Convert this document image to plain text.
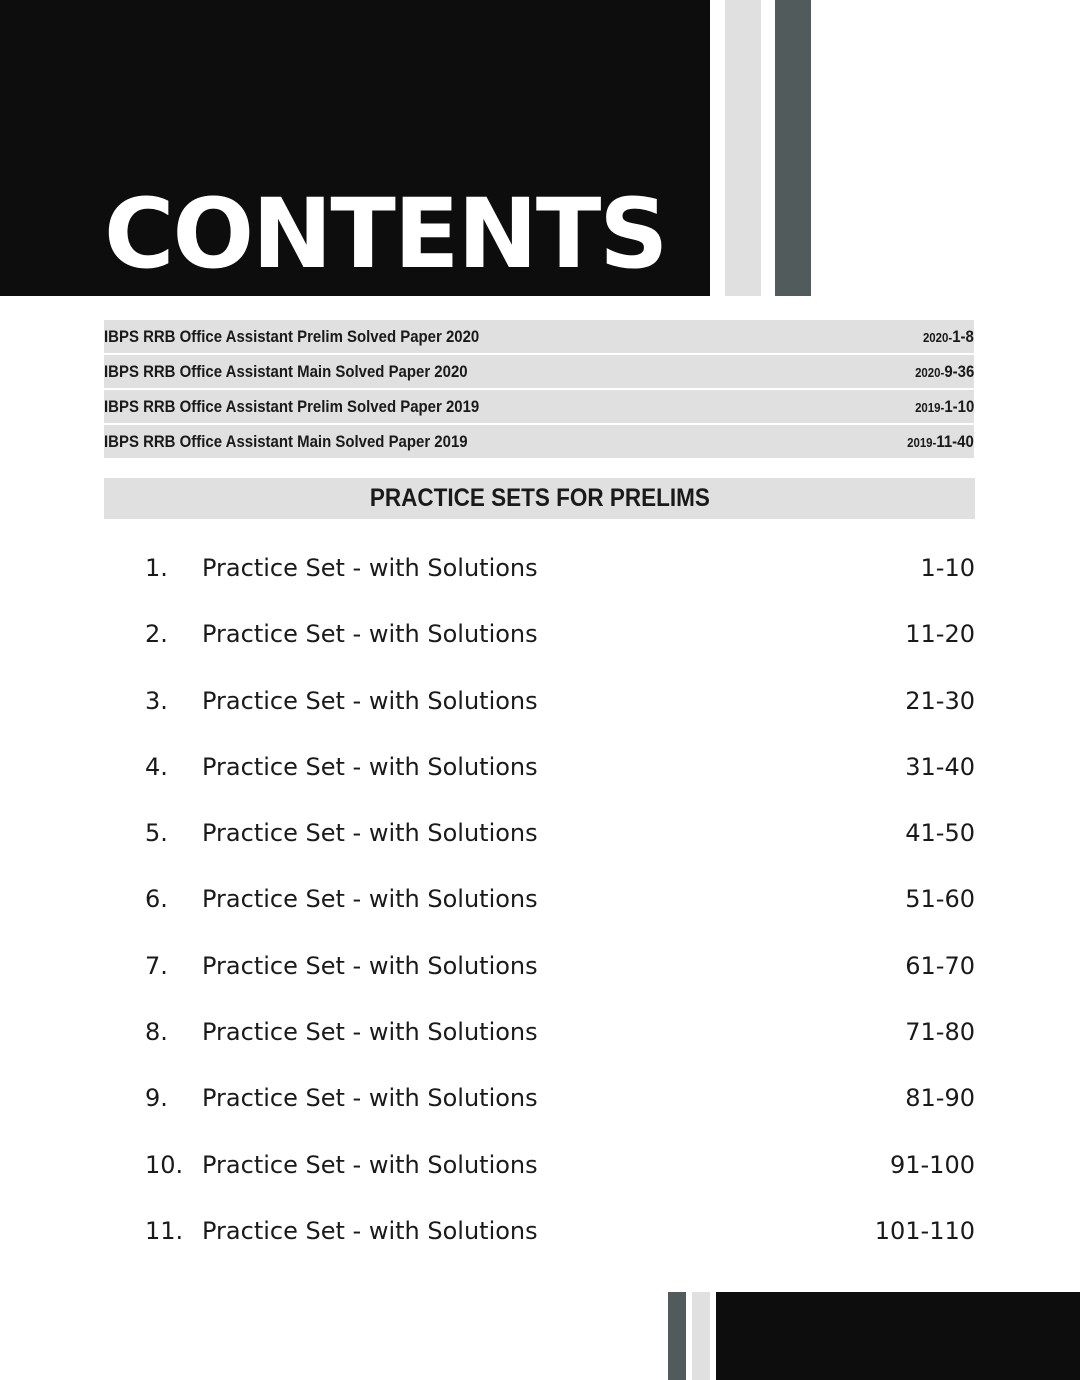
CONTENTS
IBPS RRB Office Assistant Prelim Solved Paper 2020	2020-1-8
IBPS RRB Office Assistant Main Solved Paper 2020	2020-9-36
IBPS RRB Office Assistant Prelim Solved Paper 2019	2019-1-10
IBPS RRB Office Assistant Main Solved Paper 2019	2019-11-40
PRACTICE SETS FOR PRELIMS
1.	Practice Set - with Solutions	1-10
2.	Practice Set - with Solutions	11-20
3.	Practice Set - with Solutions	21-30
4.	Practice Set - with Solutions	31-40
5.	Practice Set - with Solutions	41-50
6.	Practice Set - with Solutions	51-60
7.	Practice Set - with Solutions	61-70
8.	Practice Set - with Solutions	71-80
9.	Practice Set - with Solutions	81-90
10. Practice Set - with Solutions	91-100
11. Practice Set - with Solutions	101-110
